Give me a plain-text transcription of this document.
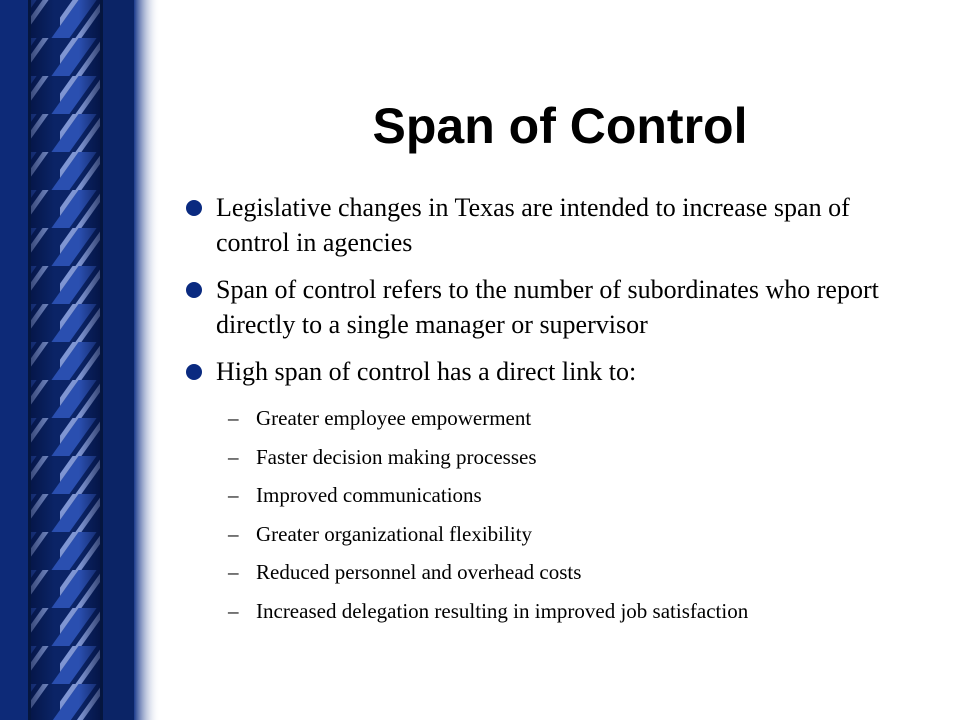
Span of Control
Legislative changes in Texas are intended to increase span of control in agencies
Span of control refers to the number of subordinates who report directly to a single manager or supervisor
High span of control has a direct link to:
– Greater employee empowerment
– Faster decision making processes
– Improved communications
– Greater organizational flexibility
– Reduced personnel and overhead costs
– Increased delegation resulting in improved job satisfaction
